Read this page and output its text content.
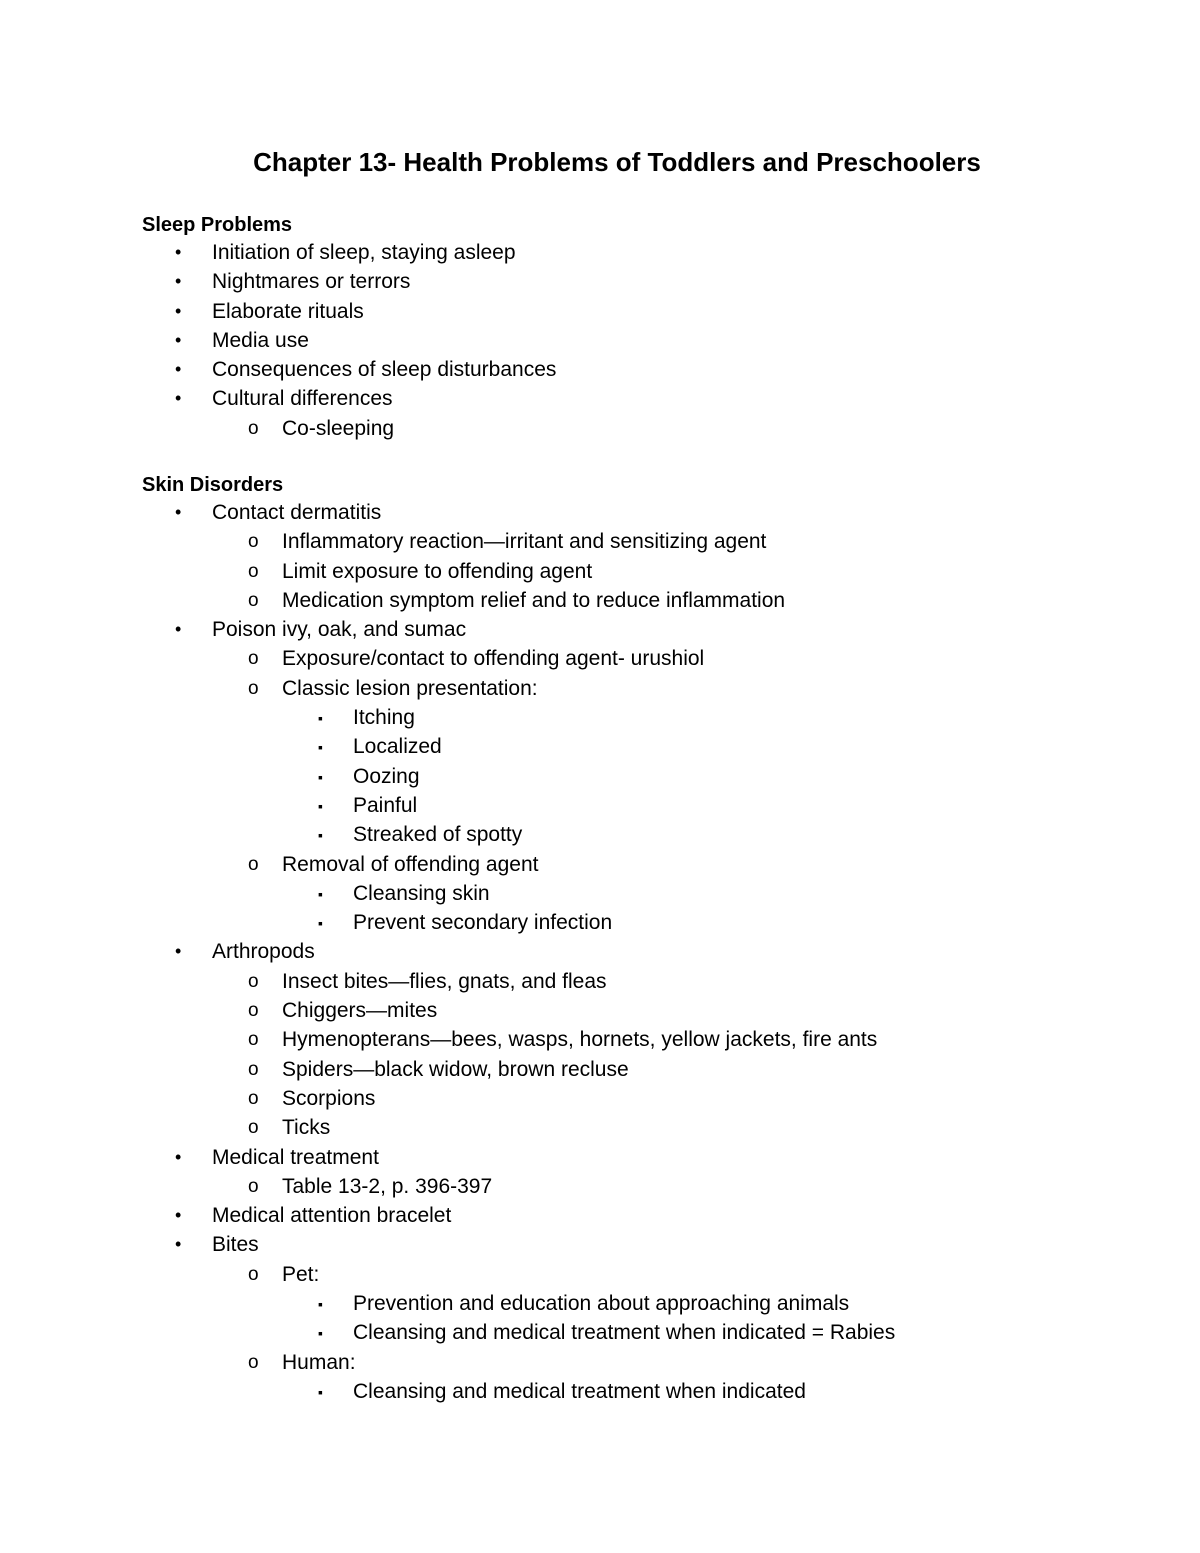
Chapter 13- Health Problems of Toddlers and Preschoolers
Sleep Problems
• Initiation of sleep, staying asleep
• Nightmares or terrors
• Elaborate rituals
• Media use
• Consequences of sleep disturbances
• Cultural differences
o Co-sleeping
Skin Disorders
• Contact dermatitis
o Inflammatory reaction—irritant and sensitizing agent
o Limit exposure to offending agent
o Medication symptom relief and to reduce inflammation
• Poison ivy, oak, and sumac
o Exposure/contact to offending agent- urushiol
o Classic lesion presentation:
▪ Itching
▪ Localized
▪ Oozing
▪ Painful
▪ Streaked of spotty
o Removal of offending agent
▪ Cleansing skin
▪ Prevent secondary infection
• Arthropods
o Insect bites—flies, gnats, and fleas
o Chiggers—mites
o Hymenopterans—bees, wasps, hornets, yellow jackets, fire ants
o Spiders—black widow, brown recluse
o Scorpions
o Ticks
• Medical treatment
o Table 13-2, p. 396-397
• Medical attention bracelet
• Bites
o Pet:
▪ Prevention and education about approaching animals
▪ Cleansing and medical treatment when indicated = Rabies
o Human:
▪ Cleansing and medical treatment when indicated
